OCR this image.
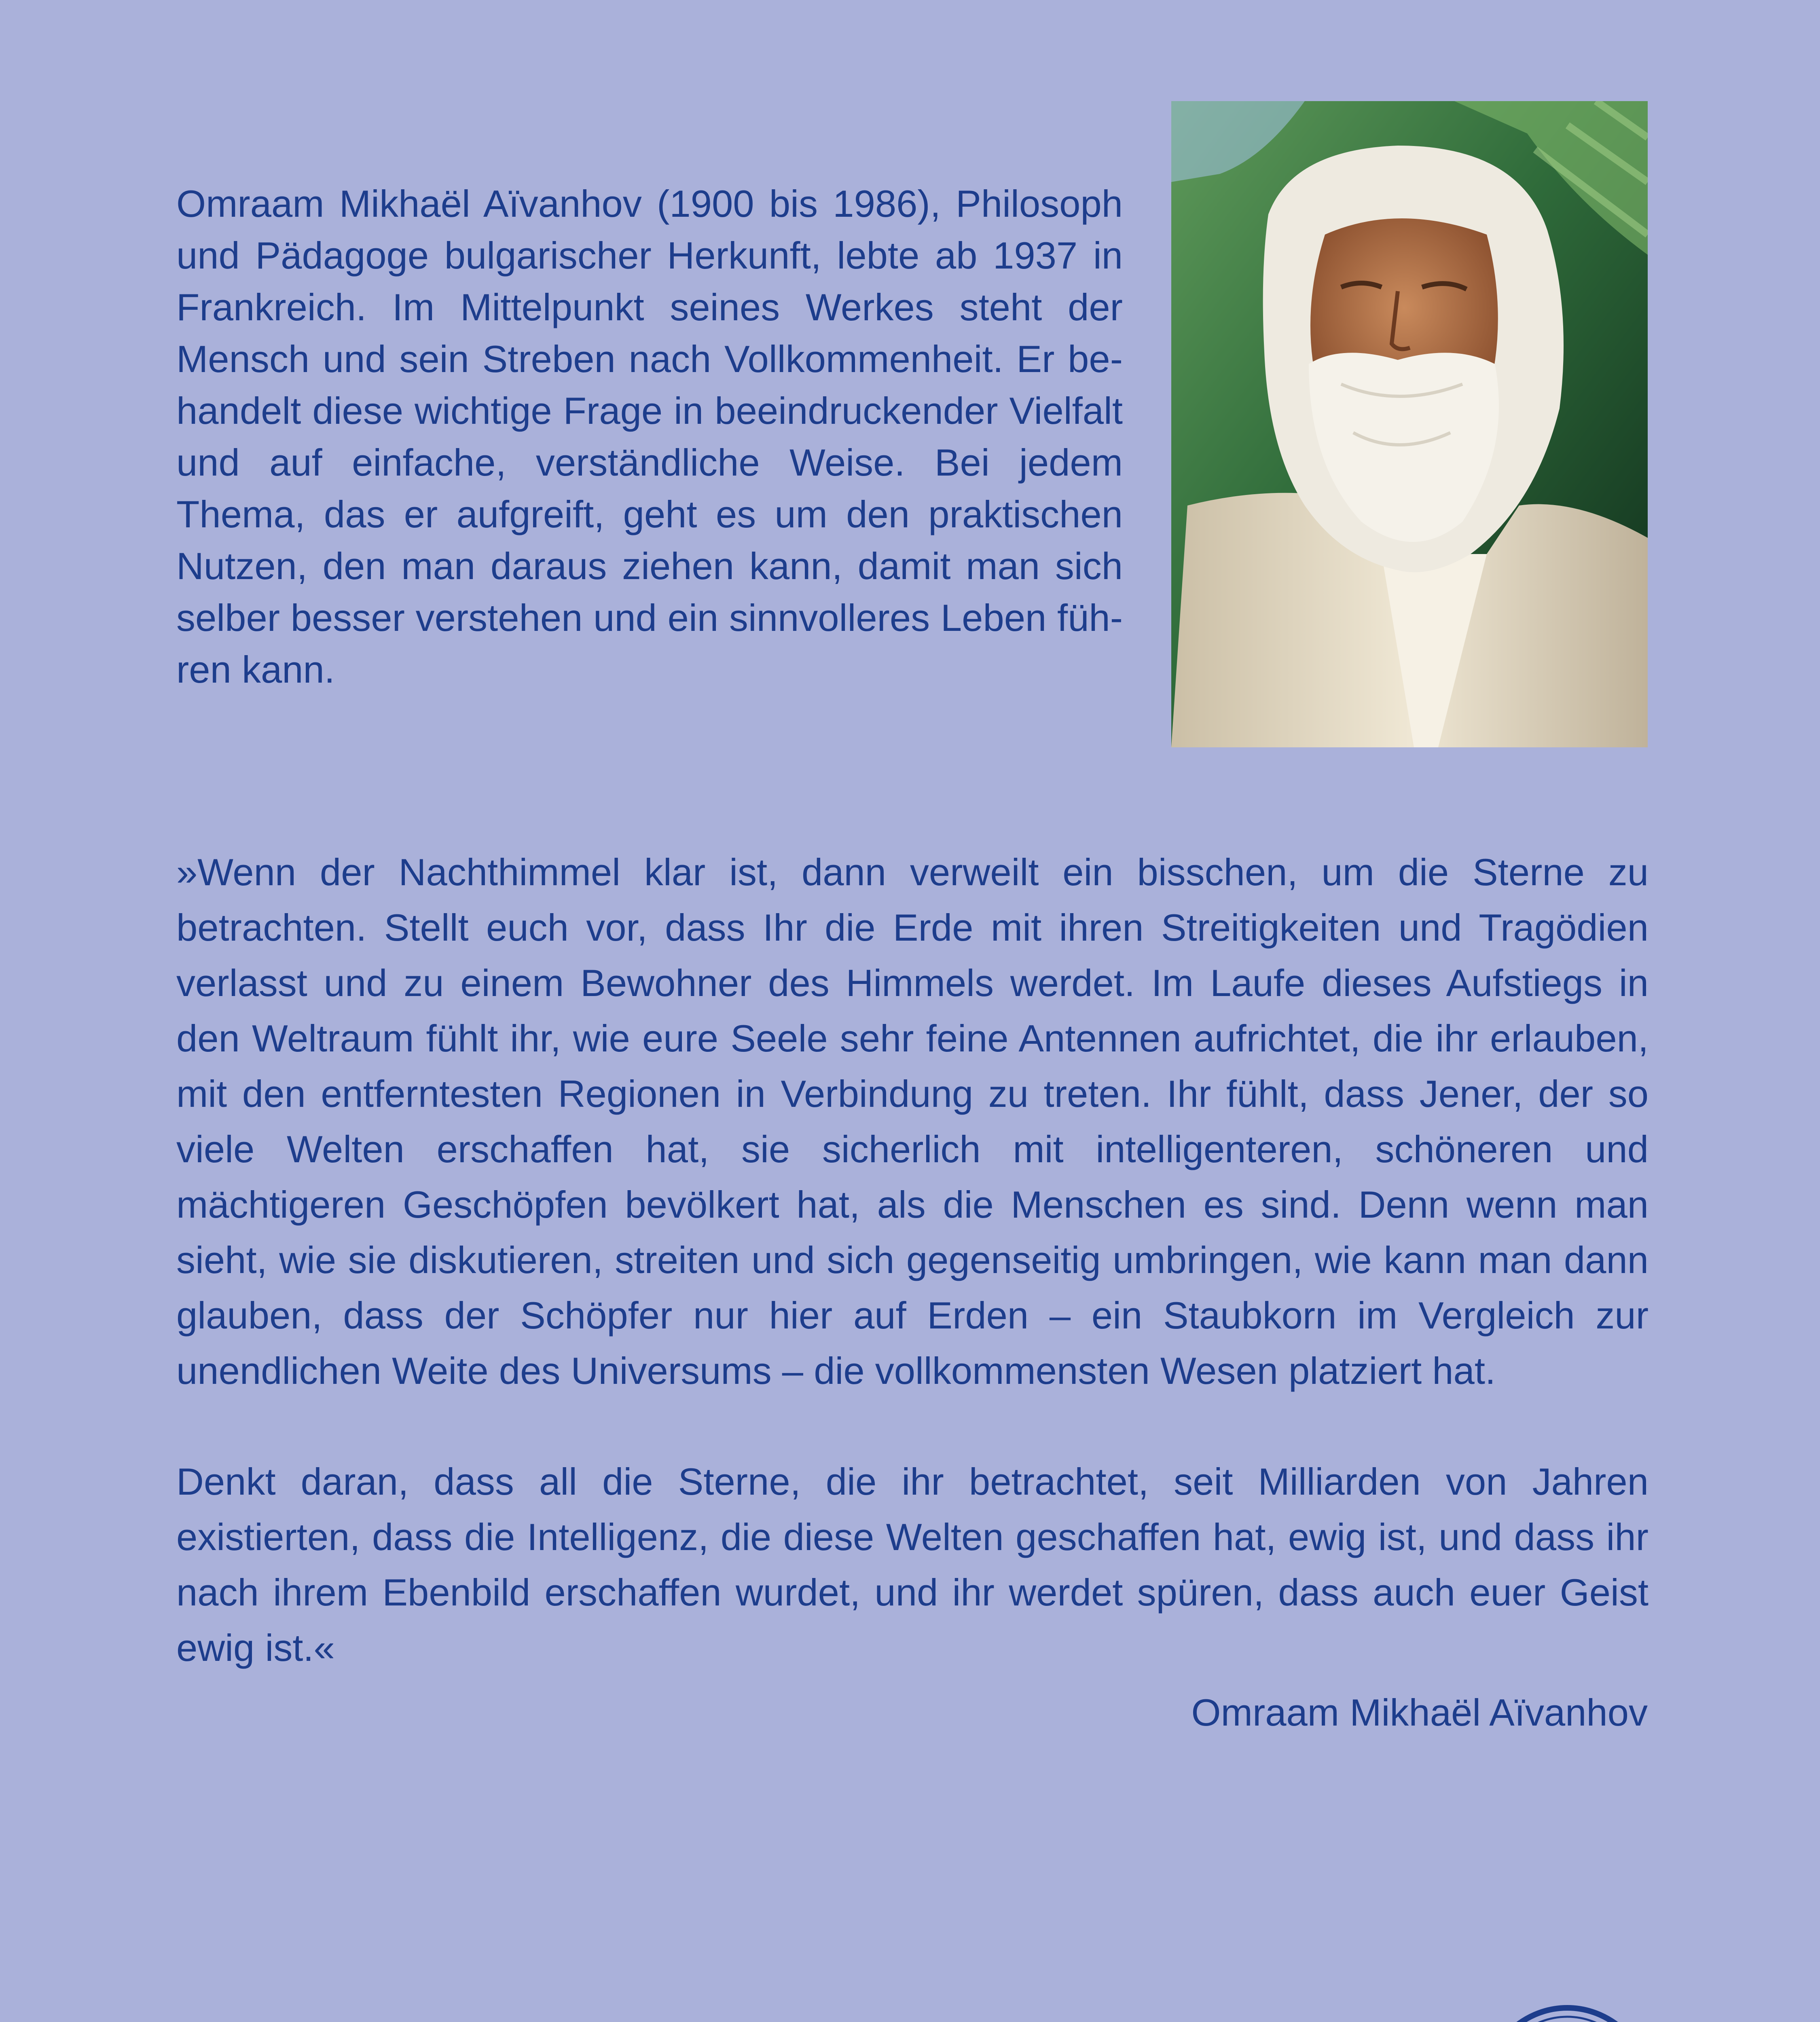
Omraam Mikhaël Aïvanhov (1900 bis 1986), Philosoph und Pädagoge bulgarischer Herkunft, lebte ab 1937 in Frankreich. Im Mittelpunkt seines Werkes steht der Mensch und sein Streben nach Vollkommenheit. Er behandelt diese wichtige Frage in beeindruckender Vielfalt und auf einfache, verständliche Weise. Bei jedem Thema, das er aufgreift, geht es um den praktischen Nutzen, den man daraus ziehen kann, damit man sich selber besser verstehen und ein sinnvolleres Leben führen kann.

»Wenn der Nachthimmel klar ist, dann verweilt ein bisschen, um die Sterne zu betrachten. Stellt euch vor, dass Ihr die Erde mit ihren Streitigkeiten und Tragödien verlasst und zu einem Bewohner des Himmels werdet. Im Laufe dieses Aufstiegs in den Weltraum fühlt ihr, wie eure Seele sehr feine Antennen aufrichtet, die ihr erlauben, mit den entferntesten Regionen in Verbindung zu treten. Ihr fühlt, dass Jener, der so viele Welten erschaffen hat, sie sicherlich mit intelligenteren, schöneren und mächtigeren Geschöpfen bevölkert hat, als die Menschen es sind. Denn wenn man sieht, wie sie diskutieren, streiten und sich gegenseitig umbringen, wie kann man dann glauben, dass der Schöpfer nur hier auf Erden – ein Staubkorn im Vergleich zur unendlichen Weite des Universums – die vollkommensten Wesen platziert hat.

Denkt daran, dass all die Sterne, die ihr betrachtet, seit Milliarden von Jahren existierten, dass die Intelligenz, die diese Welten geschaffen hat, ewig ist, und dass ihr nach ihrem Ebenbild erschaffen wurdet, und ihr werdet spüren, dass auch euer Geist ewig ist.«

Omraam Mikhaël Aïvanhov
